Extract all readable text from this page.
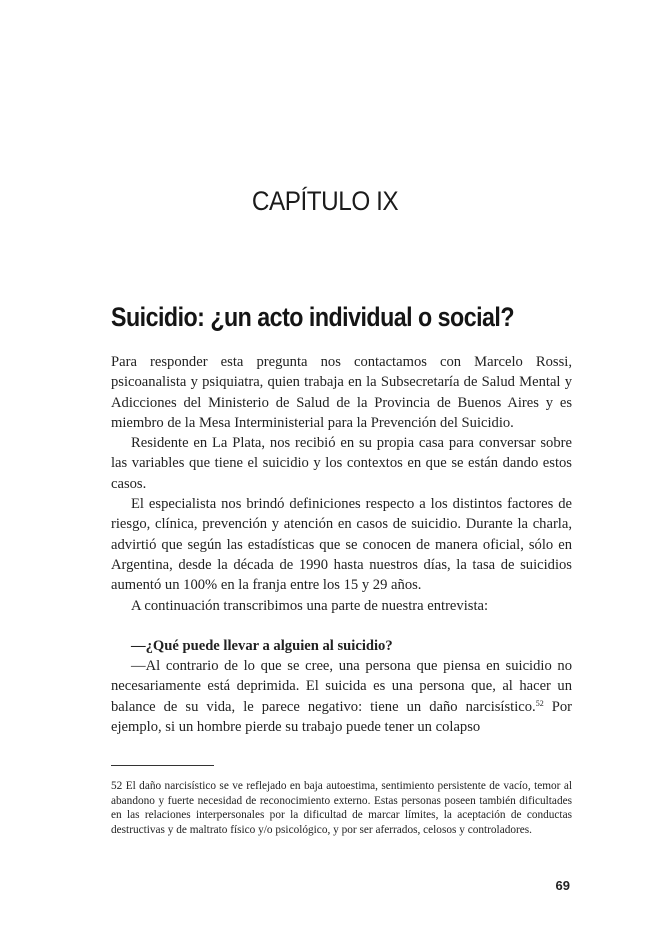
CAPÍTULO IX
Suicidio: ¿un acto individual o social?

Para responder esta pregunta nos contactamos con Marcelo Rossi, psicoanalista y psiquiatra, quien trabaja en la Subsecretaría de Salud Mental y Adicciones del Ministerio de Salud de la Provincia de Buenos Aires y es miembro de la Mesa Interministerial para la Prevención del Suicidio.

Residente en La Plata, nos recibió en su propia casa para conversar sobre las variables que tiene el suicidio y los contextos en que se están dando estos casos.

El especialista nos brindó definiciones respecto a los distintos factores de riesgo, clínica, prevención y atención en casos de suicidio. Durante la charla, advirtió que según las estadísticas que se conocen de manera oficial, sólo en Argentina, desde la década de 1990 hasta nuestros días, la tasa de suicidios aumentó un 100% en la franja entre los 15 y 29 años.

A continuación transcribimos una parte de nuestra entrevista:

—¿Qué puede llevar a alguien al suicidio?

—Al contrario de lo que se cree, una persona que piensa en suicidio no necesariamente está deprimida. El suicida es una persona que, al hacer un balance de su vida, le parece negativo: tiene un daño narcisístico.$^{52}$ Por ejemplo, si un hombre pierde su trabajo puede tener un colapso

52 El daño narcisístico se ve reflejado en baja autoestima, sentimiento persistente de vacío, temor al abandono y fuerte necesidad de reconocimiento externo. Estas personas poseen también dificultades en las relaciones interpersonales por la dificultad de marcar límites, la aceptación de conductas destructivas y de maltrato físico y/o psicológico, y por ser aferrados, celosos y controladores.
69
